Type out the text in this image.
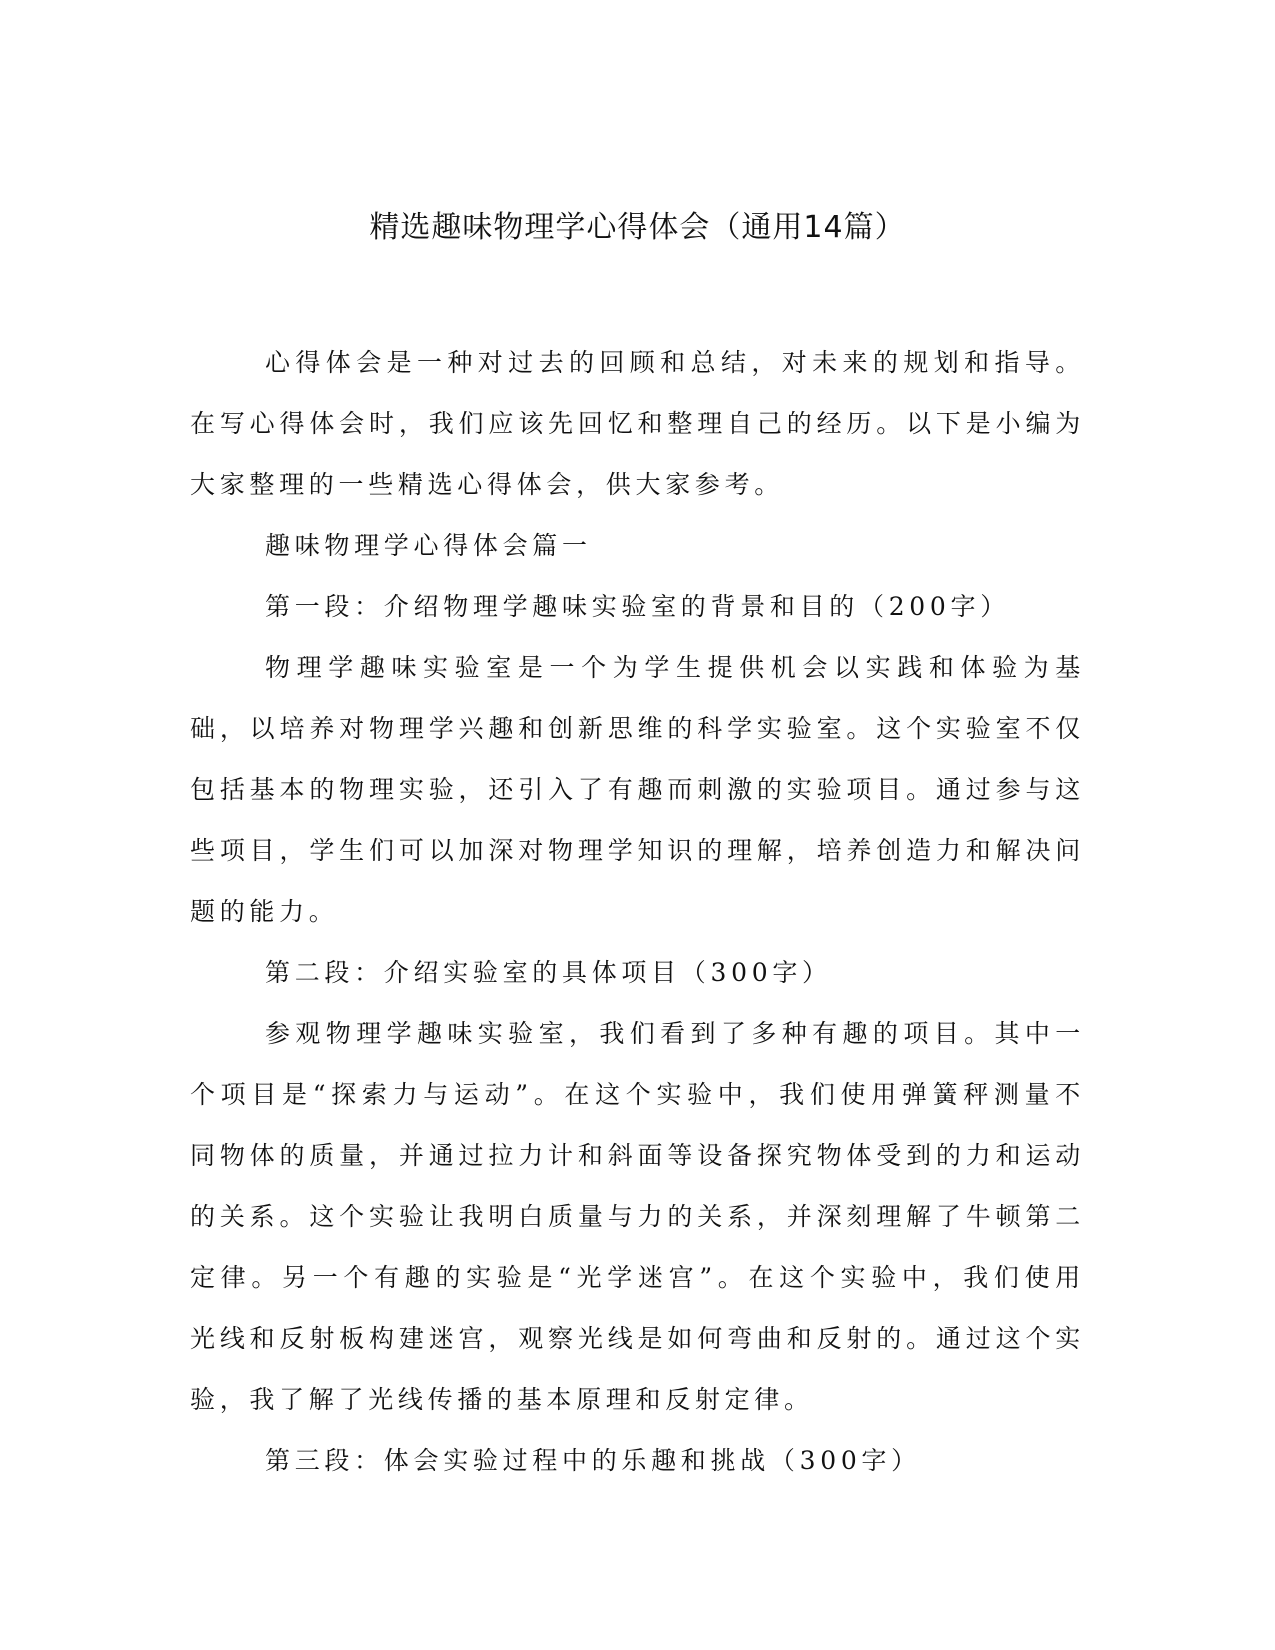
精选趣味物理学心得体会（通用14篇）

心得体会是一种对过去的回顾和总结，对未来的规划和指导。在写心得体会时，我们应该先回忆和整理自己的经历。以下是小编为大家整理的一些精选心得体会，供大家参考。

趣味物理学心得体会篇一

第一段：介绍物理学趣味实验室的背景和目的（200字）

物理学趣味实验室是一个为学生提供机会以实践和体验为基础，以培养对物理学兴趣和创新思维的科学实验室。这个实验室不仅包括基本的物理实验，还引入了有趣而刺激的实验项目。通过参与这些项目，学生们可以加深对物理学知识的理解，培养创造力和解决问题的能力。

第二段：介绍实验室的具体项目（300字）

参观物理学趣味实验室，我们看到了多种有趣的项目。其中一个项目是“探索力与运动”。在这个实验中，我们使用弹簧秤测量不同物体的质量，并通过拉力计和斜面等设备探究物体受到的力和运动的关系。这个实验让我明白质量与力的关系，并深刻理解了牛顿第二定律。另一个有趣的实验是“光学迷宫”。在这个实验中，我们使用光线和反射板构建迷宫，观察光线是如何弯曲和反射的。通过这个实验，我了解了光线传播的基本原理和反射定律。

第三段：体会实验过程中的乐趣和挑战（300字）
